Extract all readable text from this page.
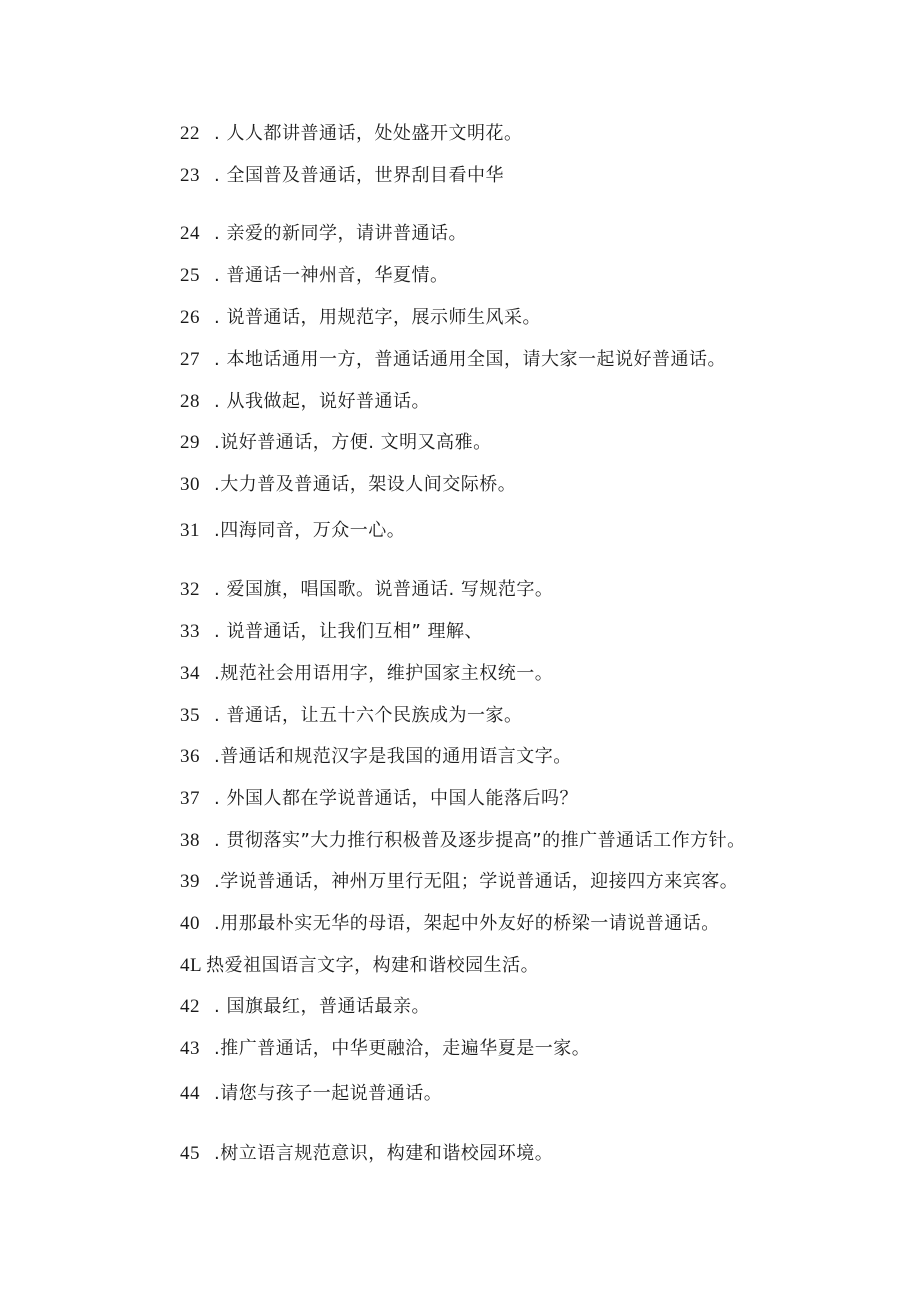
22. 人人都讲普通话，处处盛开文明花。
23. 全国普及普通话，世界刮目看中华
24. 亲爱的新同学，请讲普通话。
25. 普通话一神州音，华夏情。
26. 说普通话，用规范字，展示师生风采。
27. 本地话通用一方，普通话通用全国，请大家一起说好普通话。
28. 从我做起，说好普通话。
29.说好普通话，方便. 文明又高雅。
30.大力普及普通话，架设人间交际桥。
31.四海同音，万众一心。
32. 爱国旗，唱国歌。说普通话. 写规范字。
33. 说普通话，让我们互相” 理解、
34.规范社会用语用字，维护国家主权统一。
35. 普通话，让五十六个民族成为一家。
36.普通话和规范汉字是我国的通用语言文字。
37. 外国人都在学说普通话，中国人能落后吗？
38. 贯彻落实”大力推行积极普及逐步提高”的推广普通话工作方针。
39.学说普通话，神州万里行无阻；学说普通话，迎接四方来宾客。
40.用那最朴实无华的母语，架起中外友好的桥梁一请说普通话。
4L 热爱祖国语言文字，构建和谐校园生活。
42. 国旗最红，普通话最亲。
43.推广普通话，中华更融洽，走遍华夏是一家。
44.请您与孩子一起说普通话。
45.树立语言规范意识，构建和谐校园环境。
